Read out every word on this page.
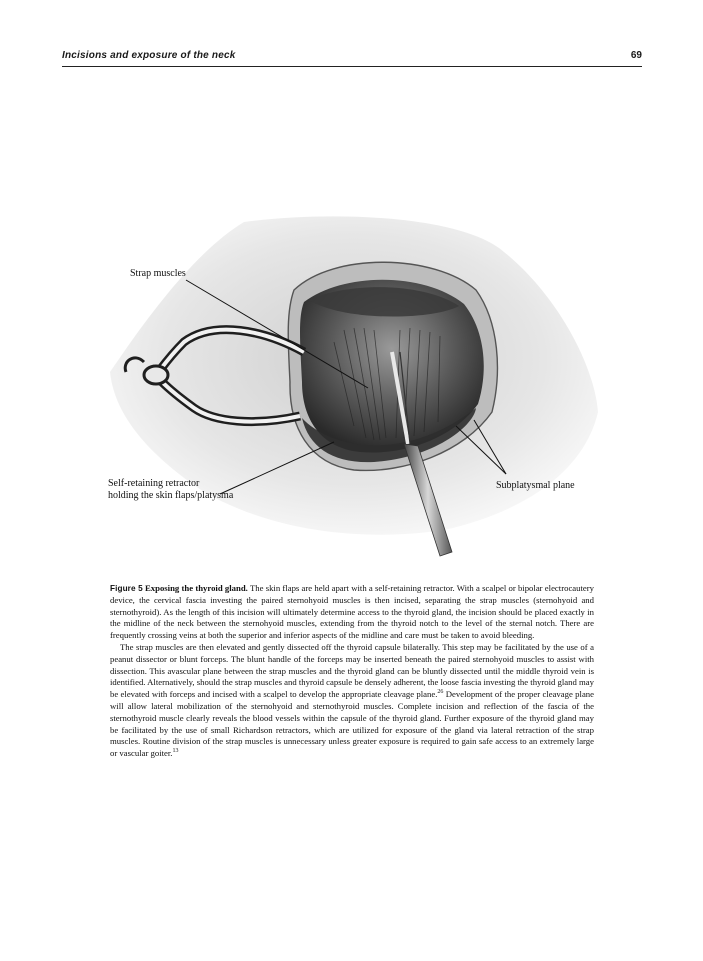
Incisions and exposure of the neck	69
Strap muscles
Self-retaining retractor
holding the skin flaps/platysma
Subplatysmal plane

Figure 5 Exposing the thyroid gland. The skin flaps are held apart with a self-retaining retractor. With a scalpel or bipolar electrocautery device, the cervical fascia investing the paired sternohyoid muscles is then incised, separating the strap muscles (sternohyoid and sternothyroid). As the length of this incision will ultimately determine access to the thyroid gland, the incision should be placed exactly in the midline of the neck between the sternohyoid muscles, extending from the thyroid notch to the level of the sternal notch. There are frequently crossing veins at both the superior and inferior aspects of the midline and care must be taken to avoid bleeding.

The strap muscles are then elevated and gently dissected off the thyroid capsule bilaterally. This step may be facilitated by the use of a peanut dissector or blunt forceps. The blunt handle of the forceps may be inserted beneath the paired sternohyoid muscles to assist with dissection. This avascular plane between the strap muscles and the thyroid gland can be bluntly dissected until the middle thyroid vein is identified. Alternatively, should the strap muscles and thyroid capsule be densely adherent, the loose fascia investing the thyroid gland may be elevated with forceps and incised with a scalpel to develop the appropriate cleavage plane.$^{26}$ Development of the proper cleavage plane will allow lateral mobilization of the sternohyoid and sternothyroid muscles. Complete incision and reflection of the fascia of the sternothyroid muscle clearly reveals the blood vessels within the capsule of the thyroid gland. Further exposure of the thyroid gland may be facilitated by the use of small Richardson retractors, which are utilized for exposure of the gland via lateral retraction of the strap muscles. Routine division of the strap muscles is unnecessary unless greater exposure is required to gain safe access to an extremely large or vascular goiter.$^{13}$
